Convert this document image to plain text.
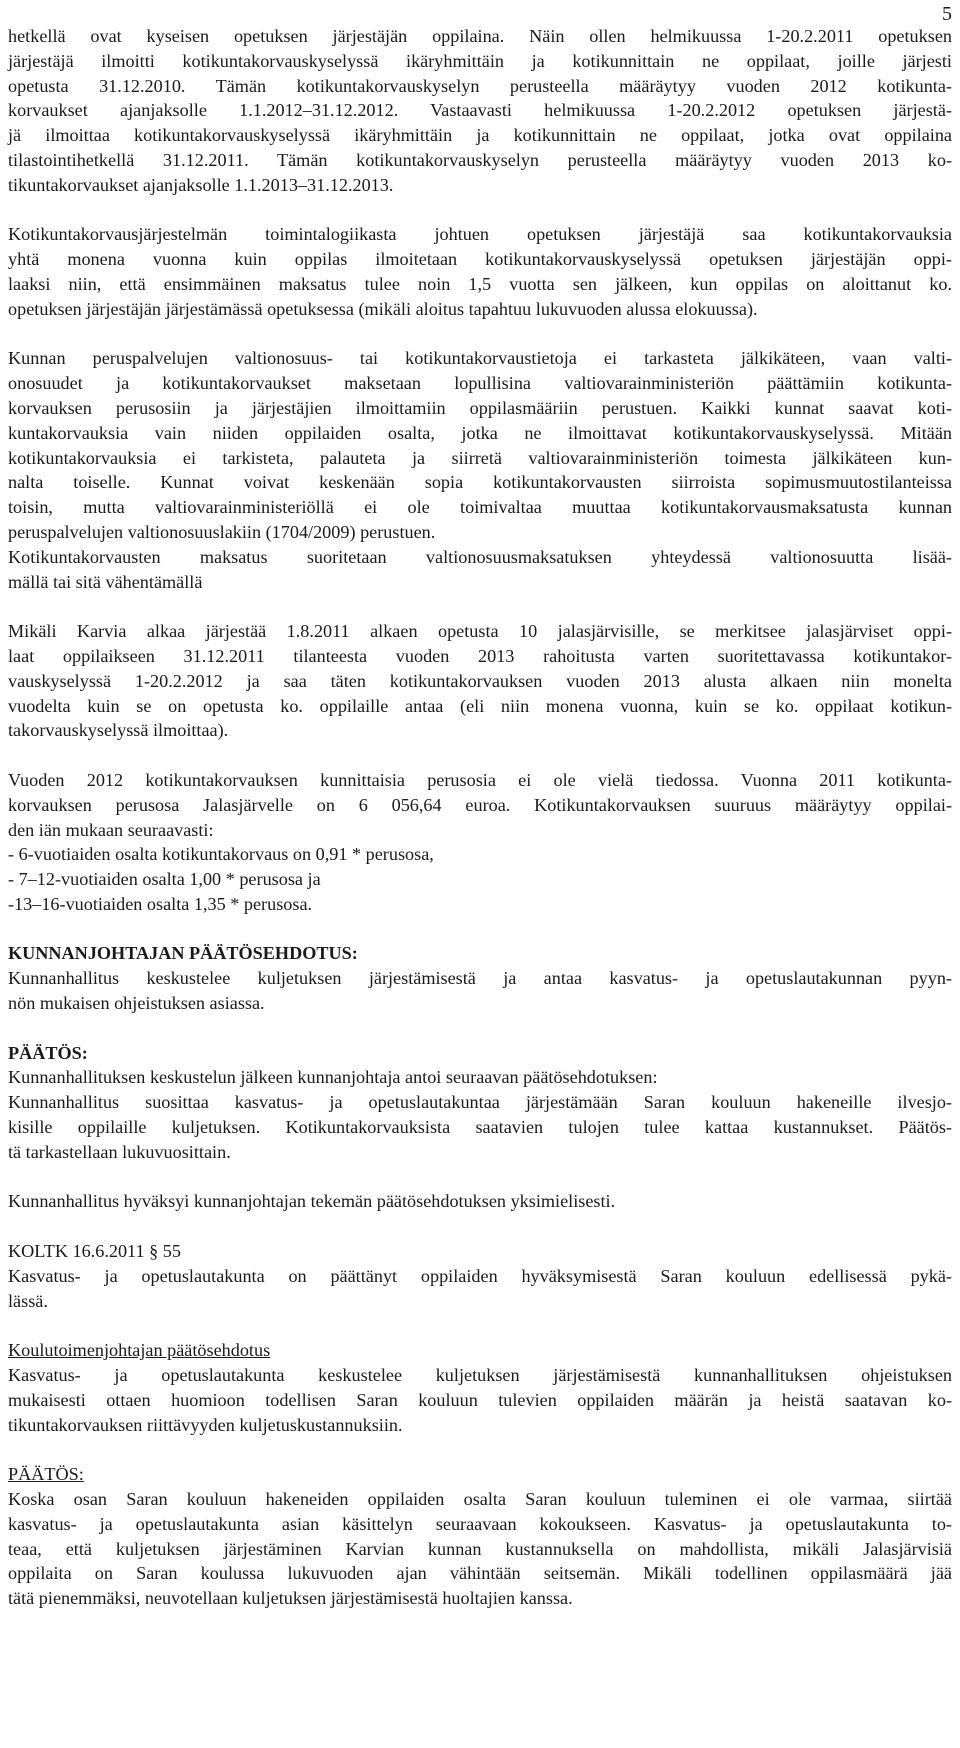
5
hetkellä ovat kyseisen opetuksen järjestäjän oppilaina. Näin ollen helmikuussa 1-20.2.2011 opetuksen
järjestäjä ilmoitti kotikuntakorvauskyselyssä ikäryhmittäin ja kotikunnittain ne oppilaat, joille järjesti
opetusta 31.12.2010. Tämän kotikuntakorvauskyselyn perusteella määräytyy vuoden 2012 kotikunta-
korvaukset ajanjaksolle 1.1.2012–31.12.2012. Vastaavasti helmikuussa 1-20.2.2012 opetuksen järjestä-
jä ilmoittaa kotikuntakorvauskyselyssä ikäryhmittäin ja kotikunnittain ne oppilaat, jotka ovat oppilaina
tilastointihetkellä 31.12.2011. Tämän kotikuntakorvauskyselyn perusteella määräytyy vuoden 2013 ko-
tikuntakorvaukset ajanjaksolle 1.1.2013–31.12.2013.
Kotikuntakorvausjärjestelmän toimintalogiikasta johtuen opetuksen järjestäjä saa kotikuntakorvauksia
yhtä monena vuonna kuin oppilas ilmoitetaan kotikuntakorvauskyselyssä opetuksen järjestäjän oppi-
laaksi niin, että ensimmäinen maksatus tulee noin 1,5 vuotta sen jälkeen, kun oppilas on aloittanut ko.
opetuksen järjestäjän järjestämässä opetuksessa (mikäli aloitus tapahtuu lukuvuoden alussa elokuussa).
Kunnan peruspalvelujen valtionosuus- tai kotikuntakorvaustietoja ei tarkasteta jälkikäteen, vaan valti-
onosuudet ja kotikuntakorvaukset maksetaan lopullisina valtiovarainministeriön päättämiin kotikunta-
korvauksen perusosiin ja järjestäjien ilmoittamiin oppilasmääriin perustuen. Kaikki kunnat saavat koti-
kuntakorvauksia vain niiden oppilaiden osalta, jotka ne ilmoittavat kotikuntakorvauskyselyssä. Mitään
kotikuntakorvauksia ei tarkisteta, palauteta ja siirretä valtiovarainministeriön toimesta jälkikäteen kun-
nalta toiselle. Kunnat voivat keskenään sopia kotikuntakorvausten siirroista sopimusmuutostilanteissa
toisin, mutta valtiovarainministeriöllä ei ole toimivaltaa muuttaa kotikuntakorvausmaksatusta kunnan
peruspalvelujen valtionosuuslakiin (1704/2009) perustuen.
Kotikuntakorvausten maksatus suoritetaan valtionosuusmaksatuksen yhteydessä valtionosuutta lisää-
mällä tai sitä vähentämällä
Mikäli Karvia alkaa järjestää 1.8.2011 alkaen opetusta 10 jalasjärvisille, se merkitsee jalasjärviset oppi-
laat oppilaikseen 31.12.2011 tilanteesta vuoden 2013 rahoitusta varten suoritettavassa kotikuntakor-
vauskyselyssä 1-20.2.2012 ja saa täten kotikuntakorvauksen vuoden 2013 alusta alkaen niin monelta
vuodelta kuin se on opetusta ko. oppilaille antaa (eli niin monena vuonna, kuin se ko. oppilaat kotikun-
takorvauskyselyssä ilmoittaa).
Vuoden 2012 kotikuntakorvauksen kunnittaisia perusosia ei ole vielä tiedossa. Vuonna 2011 kotikunta-
korvauksen perusosa Jalasjärvelle on 6 056,64 euroa. Kotikuntakorvauksen suuruus määräytyy oppilai-
den iän mukaan seuraavasti:
- 6-vuotiaiden osalta kotikuntakorvaus on 0,91 * perusosa,
- 7–12-vuotiaiden osalta 1,00 * perusosa ja
-13–16-vuotiaiden osalta 1,35 * perusosa.
KUNNANJOHTAJAN PÄÄTÖSEHDOTUS:
Kunnanhallitus keskustelee kuljetuksen järjestämisestä ja antaa kasvatus- ja opetuslautakunnan pyyn-
nön mukaisen ohjeistuksen asiassa.
PÄÄTÖS:
Kunnanhallituksen keskustelun jälkeen kunnanjohtaja antoi seuraavan päätösehdotuksen:
Kunnanhallitus suosittaa kasvatus- ja opetuslautakuntaa järjestämään Saran kouluun hakeneille ilvesjo-
kisille oppilaille kuljetuksen. Kotikuntakorvauksista saatavien tulojen tulee kattaa kustannukset. Päätös-
tä tarkastellaan lukuvuosittain.
Kunnanhallitus hyväksyi kunnanjohtajan tekemän päätösehdotuksen yksimielisesti.
KOLTK 16.6.2011 § 55
Kasvatus- ja opetuslautakunta on päättänyt oppilaiden hyväksymisestä Saran kouluun edellisessä pykä-
lässä.
Koulutoimenjohtajan päätösehdotus
Kasvatus- ja opetuslautakunta keskustelee kuljetuksen järjestämisestä kunnanhallituksen ohjeistuksen
mukaisesti ottaen huomioon todellisen Saran kouluun tulevien oppilaiden määrän ja heistä saatavan ko-
tikuntakorvauksen riittävyyden kuljetuskustannuksiin.
PÄÄTÖS:
Koska osan Saran kouluun hakeneiden oppilaiden osalta Saran kouluun tuleminen ei ole varmaa, siirtää
kasvatus- ja opetuslautakunta asian käsittelyn seuraavaan kokoukseen. Kasvatus- ja opetuslautakunta to-
teaa, että kuljetuksen järjestäminen Karvian kunnan kustannuksella on mahdollista, mikäli Jalasjärvisiä
oppilaita on Saran koulussa lukuvuoden ajan vähintään seitsemän. Mikäli todellinen oppilasmäärä jää
tätä pienemmäksi, neuvotellaan kuljetuksen järjestämisestä huoltajien kanssa.
